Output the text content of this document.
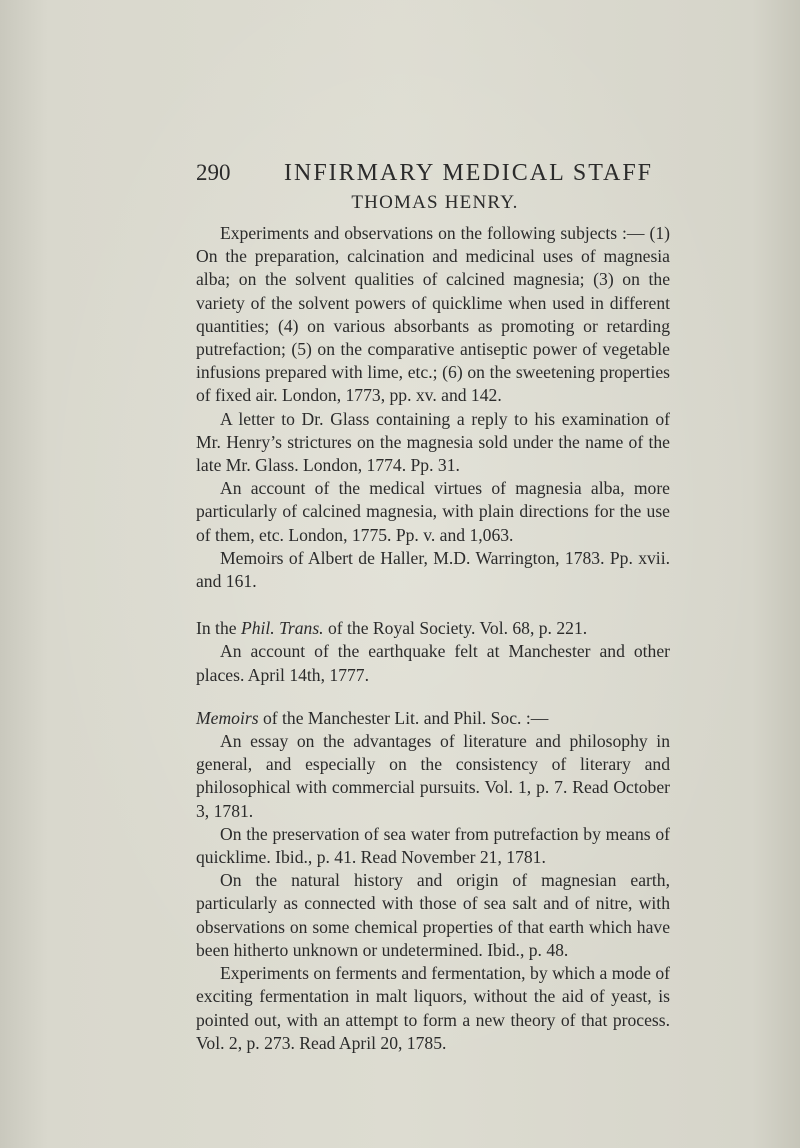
290 INFIRMARY MEDICAL STAFF
THOMAS HENRY.

Experiments and observations on the following subjects :— (1) On the preparation, calcination and medicinal uses of magnesia alba; on the solvent qualities of calcined magnesia; (3) on the variety of the solvent powers of quicklime when used in different quantities; (4) on various absorbants as promoting or retarding putrefaction; (5) on the comparative antiseptic power of vegetable infusions prepared with lime, etc.; (6) on the sweetening properties of fixed air. London, 1773, pp. xv. and 142.

A letter to Dr. Glass containing a reply to his examination of Mr. Henry’s strictures on the magnesia sold under the name of the late Mr. Glass. London, 1774. Pp. 31.

An account of the medical virtues of magnesia alba, more particularly of calcined magnesia, with plain directions for the use of them, etc. London, 1775. Pp. v. and 1,063.

Memoirs of Albert de Haller, M.D. Warrington, 1783. Pp. xvii. and 161.

In the Phil. Trans. of the Royal Society. Vol. 68, p. 221.

An account of the earthquake felt at Manchester and other places. April 14th, 1777.

Memoirs of the Manchester Lit. and Phil. Soc. :—

An essay on the advantages of literature and philosophy in general, and especially on the consistency of literary and philosophical with commercial pursuits. Vol. 1, p. 7. Read October 3, 1781.

On the preservation of sea water from putrefaction by means of quicklime. Ibid., p. 41. Read November 21, 1781.

On the natural history and origin of magnesian earth, particularly as connected with those of sea salt and of nitre, with observations on some chemical properties of that earth which have been hitherto unknown or undetermined. Ibid., p. 48.

Experiments on ferments and fermentation, by which a mode of exciting fermentation in malt liquors, without the aid of yeast, is pointed out, with an attempt to form a new theory of that process. Vol. 2, p. 273. Read April 20, 1785.
